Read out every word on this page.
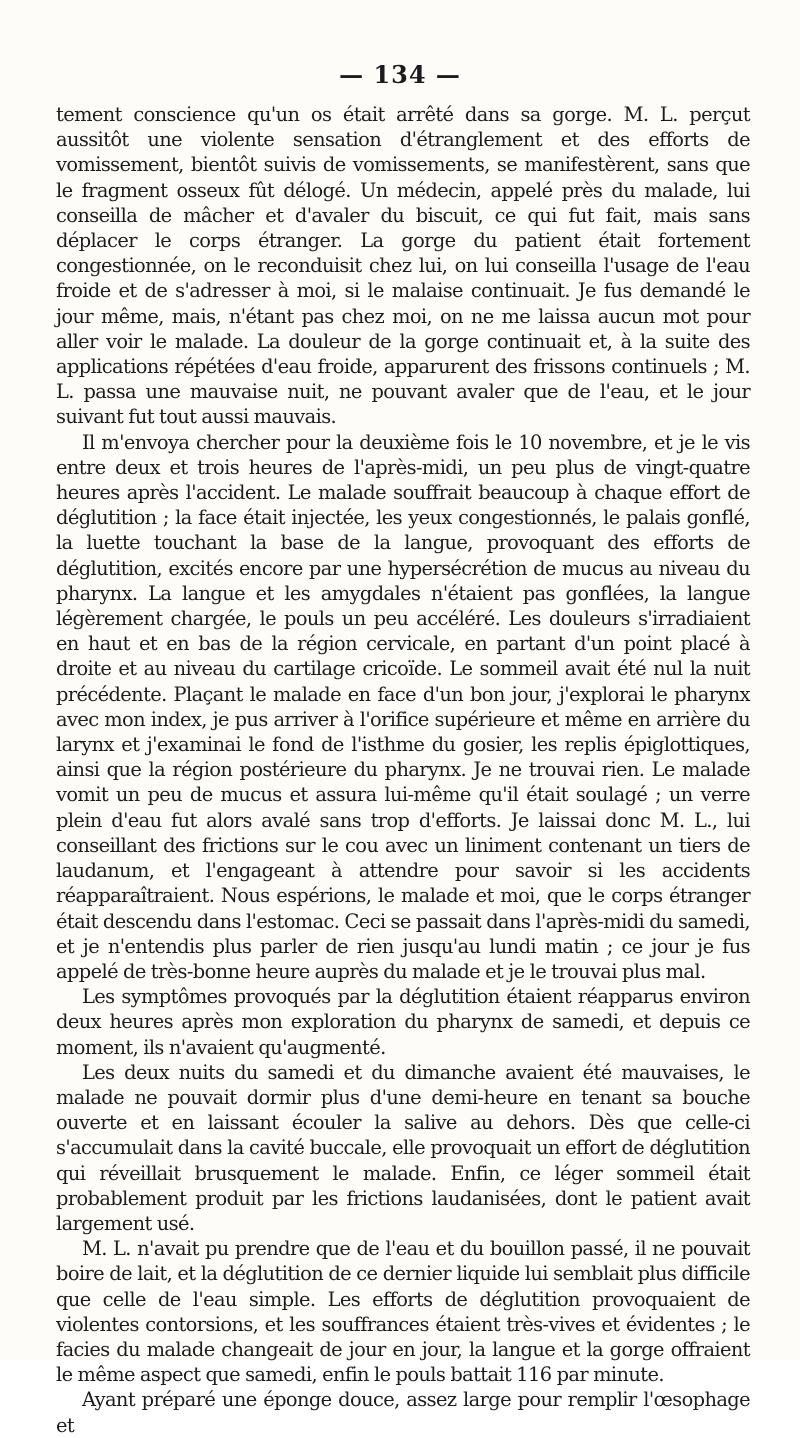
— 134 —

tement conscience qu'un os était arrêté dans sa gorge. M. L. perçut aussitôt une violente sensation d'étranglement et des efforts de vomissement, bientôt suivis de vomissements, se manifestèrent, sans que le fragment osseux fût délogé. Un médecin, appelé près du malade, lui conseilla de mâcher et d'avaler du biscuit, ce qui fut fait, mais sans déplacer le corps étranger. La gorge du patient était fortement congestionnée, on le reconduisit chez lui, on lui conseilla l'usage de l'eau froide et de s'adresser à moi, si le malaise continuait. Je fus demandé le jour même, mais, n'étant pas chez moi, on ne me laissa aucun mot pour aller voir le malade. La douleur de la gorge continuait et, à la suite des applications répétées d'eau froide, apparurent des frissons continuels ; M. L. passa une mauvaise nuit, ne pouvant avaler que de l'eau, et le jour suivant fut tout aussi mauvais.

Il m'envoya chercher pour la deuxième fois le 10 novembre, et je le vis entre deux et trois heures de l'après-midi, un peu plus de vingt-quatre heures après l'accident. Le malade souffrait beaucoup à chaque effort de déglutition ; la face était injectée, les yeux congestionnés, le palais gonflé, la luette touchant la base de la langue, provoquant des efforts de déglutition, excités encore par une hypersécrétion de mucus au niveau du pharynx. La langue et les amygdales n'étaient pas gonflées, la langue légèrement chargée, le pouls un peu accéléré. Les douleurs s'irradiaient en haut et en bas de la région cervicale, en partant d'un point placé à droite et au niveau du cartilage cricoïde. Le sommeil avait été nul la nuit précédente. Plaçant le malade en face d'un bon jour, j'explorai le pharynx avec mon index, je pus arriver à l'orifice supérieure et même en arrière du larynx et j'examinai le fond de l'isthme du gosier, les replis épiglottiques, ainsi que la région postérieure du pharynx. Je ne trouvai rien. Le malade vomit un peu de mucus et assura lui-même qu'il était soulagé ; un verre plein d'eau fut alors avalé sans trop d'efforts. Je laissai donc M. L., lui conseillant des frictions sur le cou avec un liniment contenant un tiers de laudanum, et l'engageant à attendre pour savoir si les accidents réapparaîtraient. Nous espérions, le malade et moi, que le corps étranger était descendu dans l'estomac. Ceci se passait dans l'après-midi du samedi, et je n'entendis plus parler de rien jusqu'au lundi matin ; ce jour je fus appelé de très-bonne heure auprès du malade et je le trouvai plus mal.

Les symptômes provoqués par la déglutition étaient réapparus environ deux heures après mon exploration du pharynx de samedi, et depuis ce moment, ils n'avaient qu'augmenté.

Les deux nuits du samedi et du dimanche avaient été mauvaises, le malade ne pouvait dormir plus d'une demi-heure en tenant sa bouche ouverte et en laissant écouler la salive au dehors. Dès que celle-ci s'accumulait dans la cavité buccale, elle provoquait un effort de déglutition qui réveillait brusquement le malade. Enfin, ce léger sommeil était probablement produit par les frictions laudanisées, dont le patient avait largement usé.

M. L. n'avait pu prendre que de l'eau et du bouillon passé, il ne pouvait boire de lait, et la déglutition de ce dernier liquide lui semblait plus difficile que celle de l'eau simple. Les efforts de déglutition provoquaient de violentes contorsions, et les souffrances étaient très-vives et évidentes ; le facies du malade changeait de jour en jour, la langue et la gorge offraient le même aspect que samedi, enfin le pouls battait 116 par minute.

Ayant préparé une éponge douce, assez large pour remplir l'œsophage et
